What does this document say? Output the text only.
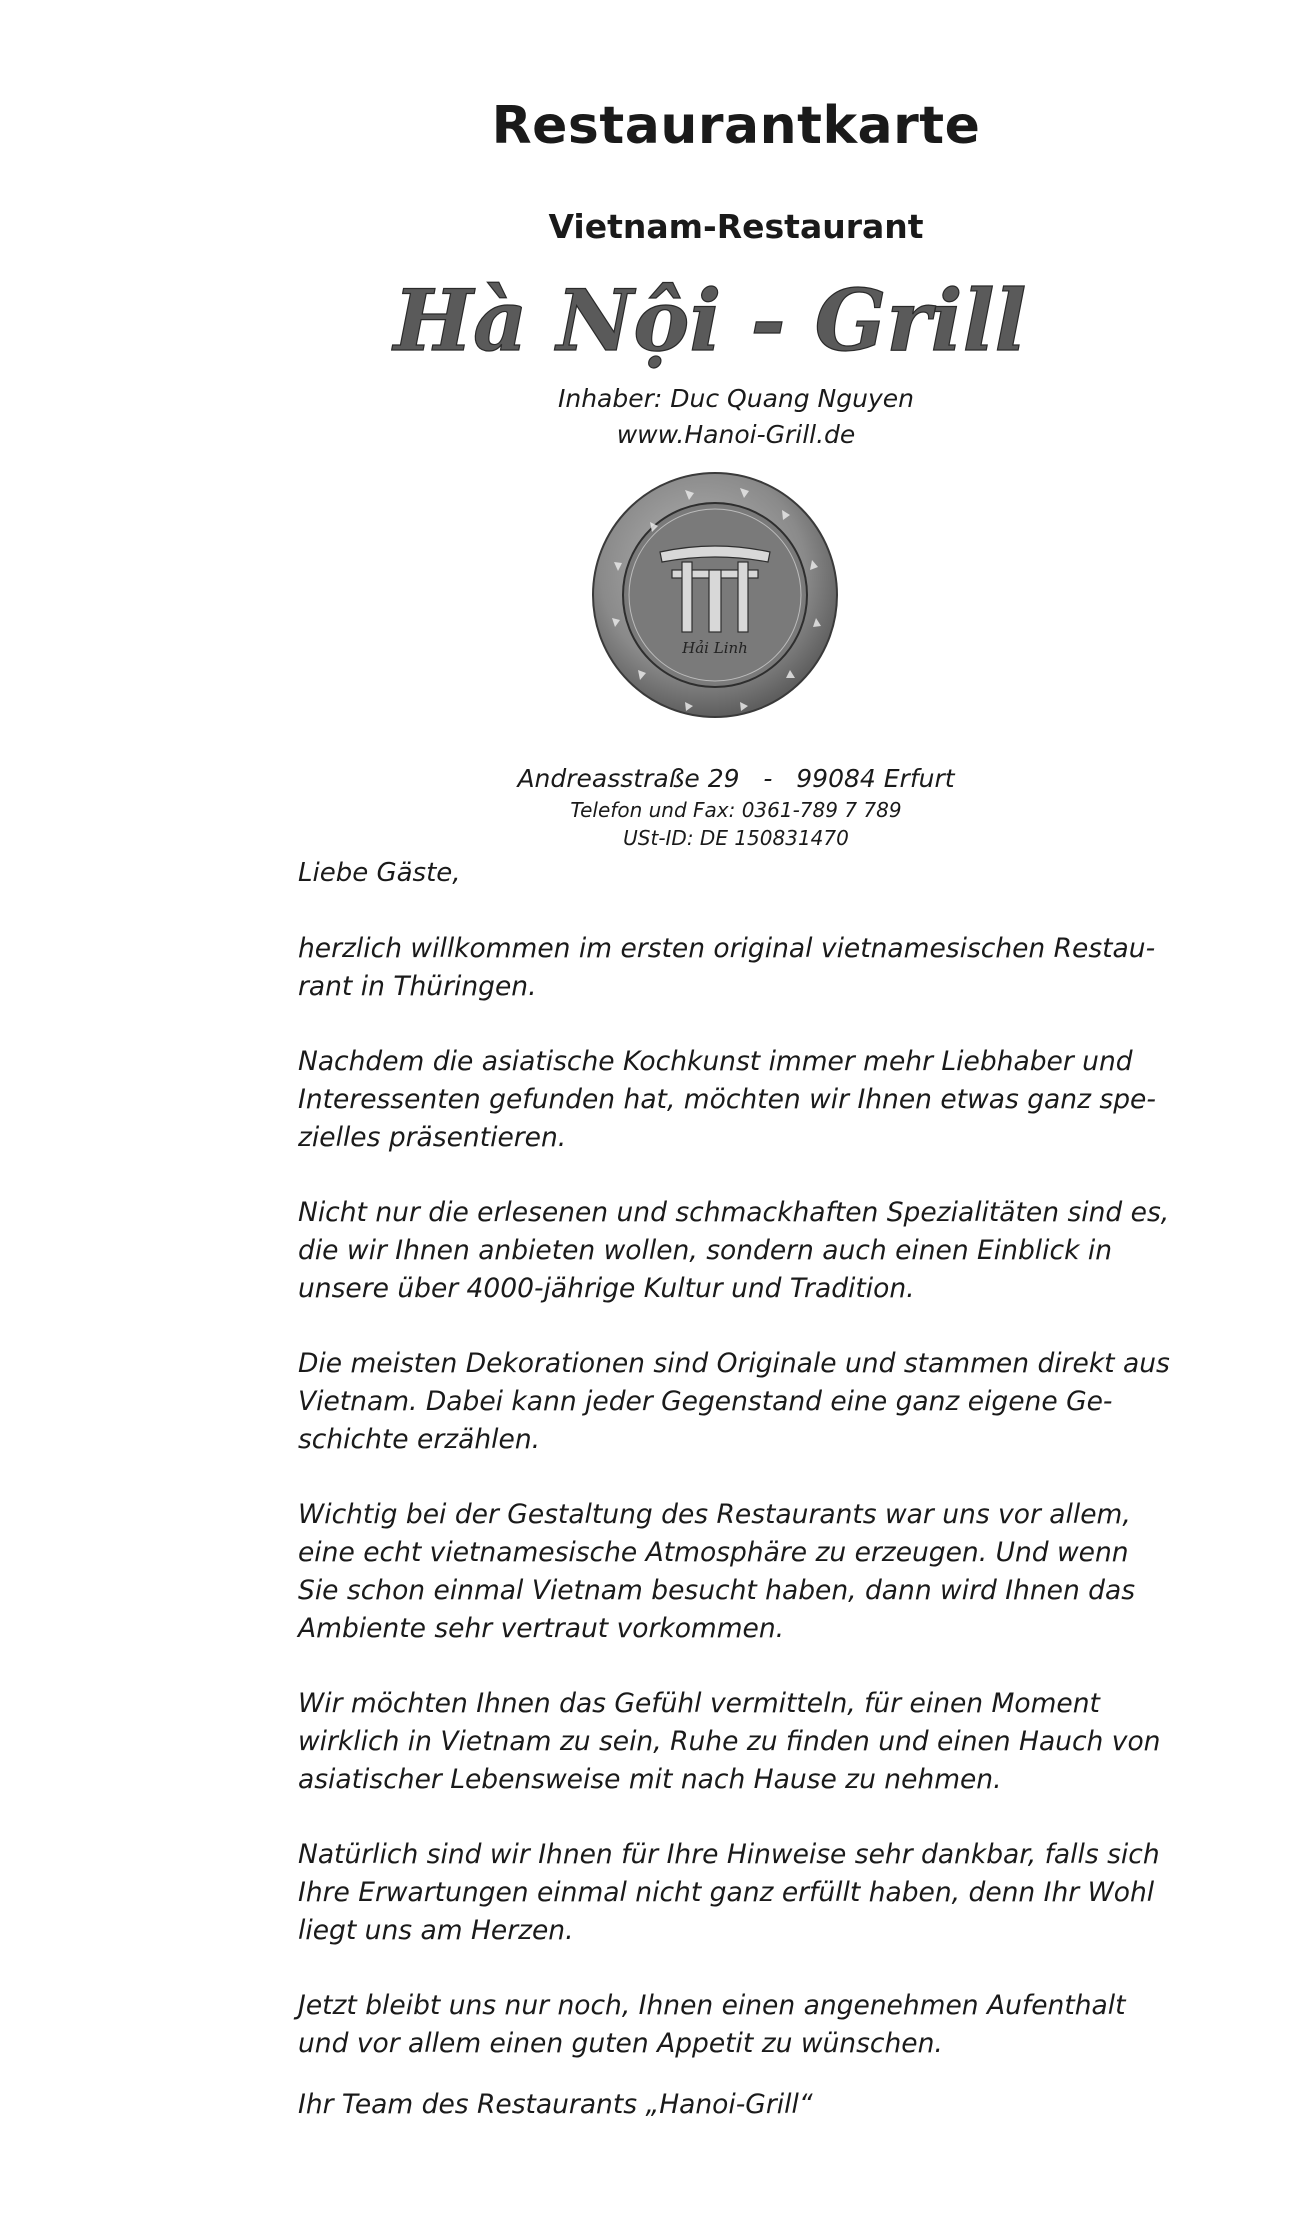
Restaurantkarte
Vietnam-Restaurant
Hà Nội - Grill
Inhaber: Duc Quang Nguyen
www.Hanoi-Grill.de
Hải Linh
Andreasstraße 29   -   99084 Erfurt
Telefon und Fax: 0361-789 7 789
USt-ID: DE 150831470
Liebe Gäste,

herzlich willkommen im ersten original vietnamesischen Restau-
rant in Thüringen.

Nachdem die asiatische Kochkunst immer mehr Liebhaber und
Interessenten gefunden hat, möchten wir Ihnen etwas ganz spe-
zielles präsentieren.

Nicht nur die erlesenen und schmackhaften Spezialitäten sind es,
die wir Ihnen anbieten wollen, sondern auch einen Einblick in
unsere über 4000-jährige Kultur und Tradition.

Die meisten Dekorationen sind Originale und stammen direkt aus
Vietnam. Dabei kann jeder Gegenstand eine ganz eigene Ge-
schichte erzählen.

Wichtig bei der Gestaltung des Restaurants war uns vor allem,
eine echt vietnamesische Atmosphäre zu erzeugen. Und wenn
Sie schon einmal Vietnam besucht haben, dann wird Ihnen das
Ambiente sehr vertraut vorkommen.

Wir möchten Ihnen das Gefühl vermitteln, für einen Moment
wirklich in Vietnam zu sein, Ruhe zu finden und einen Hauch von
asiatischer Lebensweise mit nach Hause zu nehmen.

Natürlich sind wir Ihnen für Ihre Hinweise sehr dankbar, falls sich
Ihre Erwartungen einmal nicht ganz erfüllt haben, denn Ihr Wohl
liegt uns am Herzen.

Jetzt bleibt uns nur noch, Ihnen einen angenehmen Aufenthalt
und vor allem einen guten Appetit zu wünschen.

Ihr Team des Restaurants „Hanoi-Grill“
